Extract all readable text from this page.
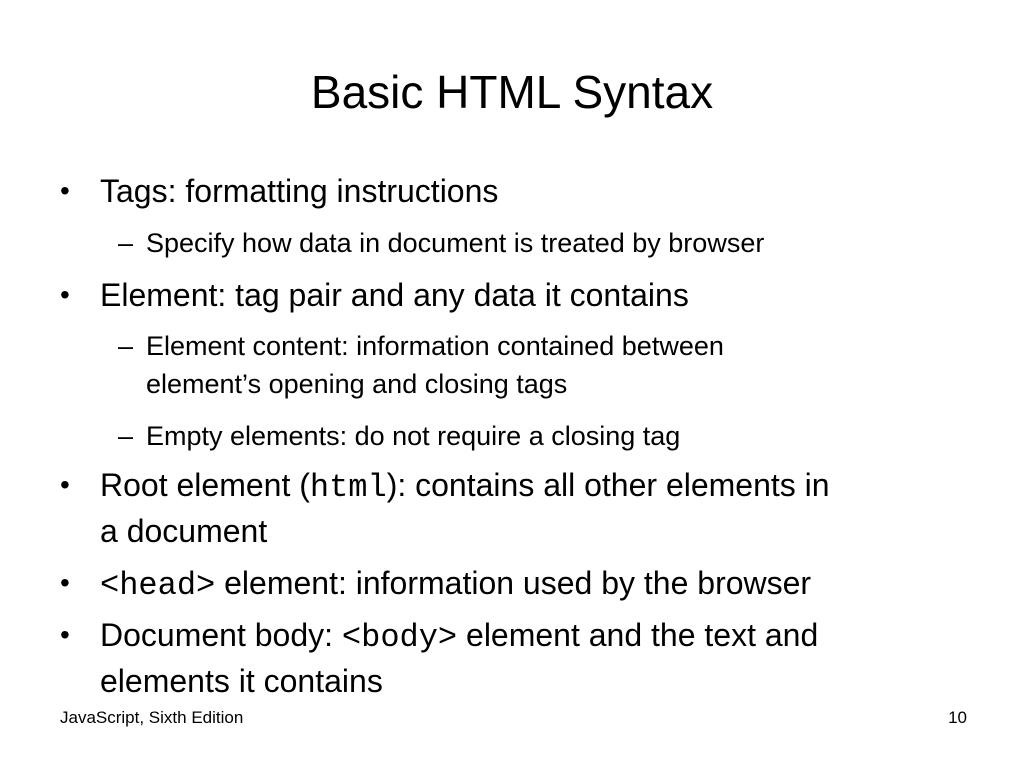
Basic HTML Syntax
• Tags: formatting instructions
– Specify how data in document is treated by browser
• Element: tag pair and any data it contains
– Element content: information contained between
element’s opening and closing tags
– Empty elements: do not require a closing tag
• Root element (html): contains all other elements in
a document
• <head> element: information used by the browser
• Document body: <body> element and the text and
elements it contains
JavaScript, Sixth Edition	10
